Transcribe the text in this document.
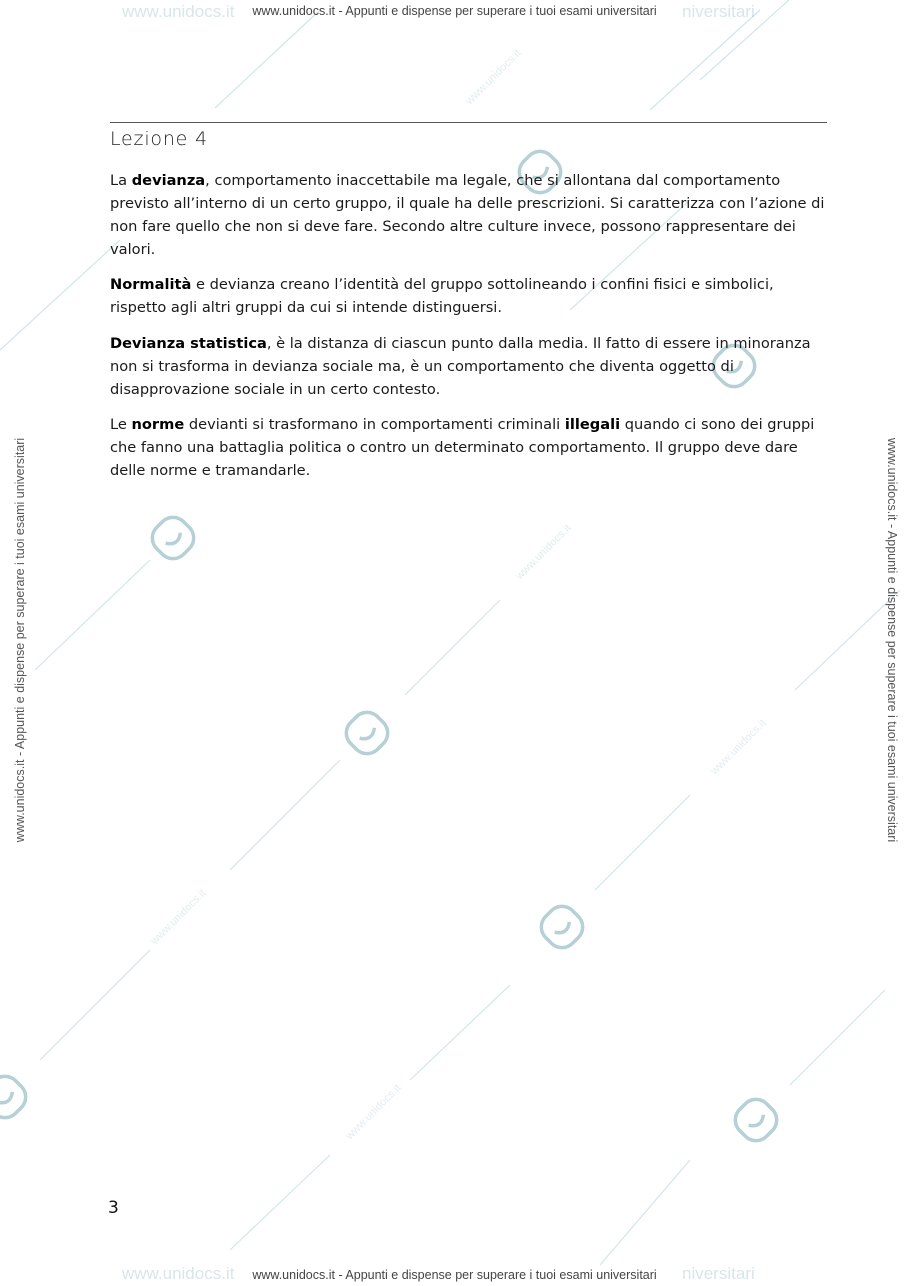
www.unidocs.it
www.unidocs.it
www.unidocs.it
www.unidocs.it
www.unidocs.it
www.unidocs.it - Appunti e dispense per superare i tuoi esami universitari
www.unidocs.it - Appunti e dispense per superare i tuoi esami universitari
www.unidocs.it	niversitari
www.unidocs.it	niversitari
www.unidocs.it - Appunti e dispense per superare i tuoi esami universitari	www.unidocs.it - Appunti e dispense per superare i tuoi esami universitari
Lezione 4

La devianza, comportamento inaccettabile ma legale, che si allontana dal comportamento previsto all’interno di un certo gruppo, il quale ha delle prescrizioni. Si caratterizza con l’azione di non fare quello che non si deve fare. Secondo altre culture invece, possono rappresentare dei valori.

Normalità e devianza creano l’identità del gruppo sottolineando i confini fisici e simbolici, rispetto agli altri gruppi da cui si intende distinguersi.

Devianza statistica, è la distanza di ciascun punto dalla media. Il fatto di essere in minoranza non si trasforma in devianza sociale ma, è un comportamento che diventa oggetto di disapprovazione sociale in un certo contesto.

Le norme devianti si trasformano in comportamenti criminali illegali quando ci sono dei gruppi che fanno una battaglia politica o contro un determinato comportamento. Il gruppo deve dare delle norme e tramandarle.

3
